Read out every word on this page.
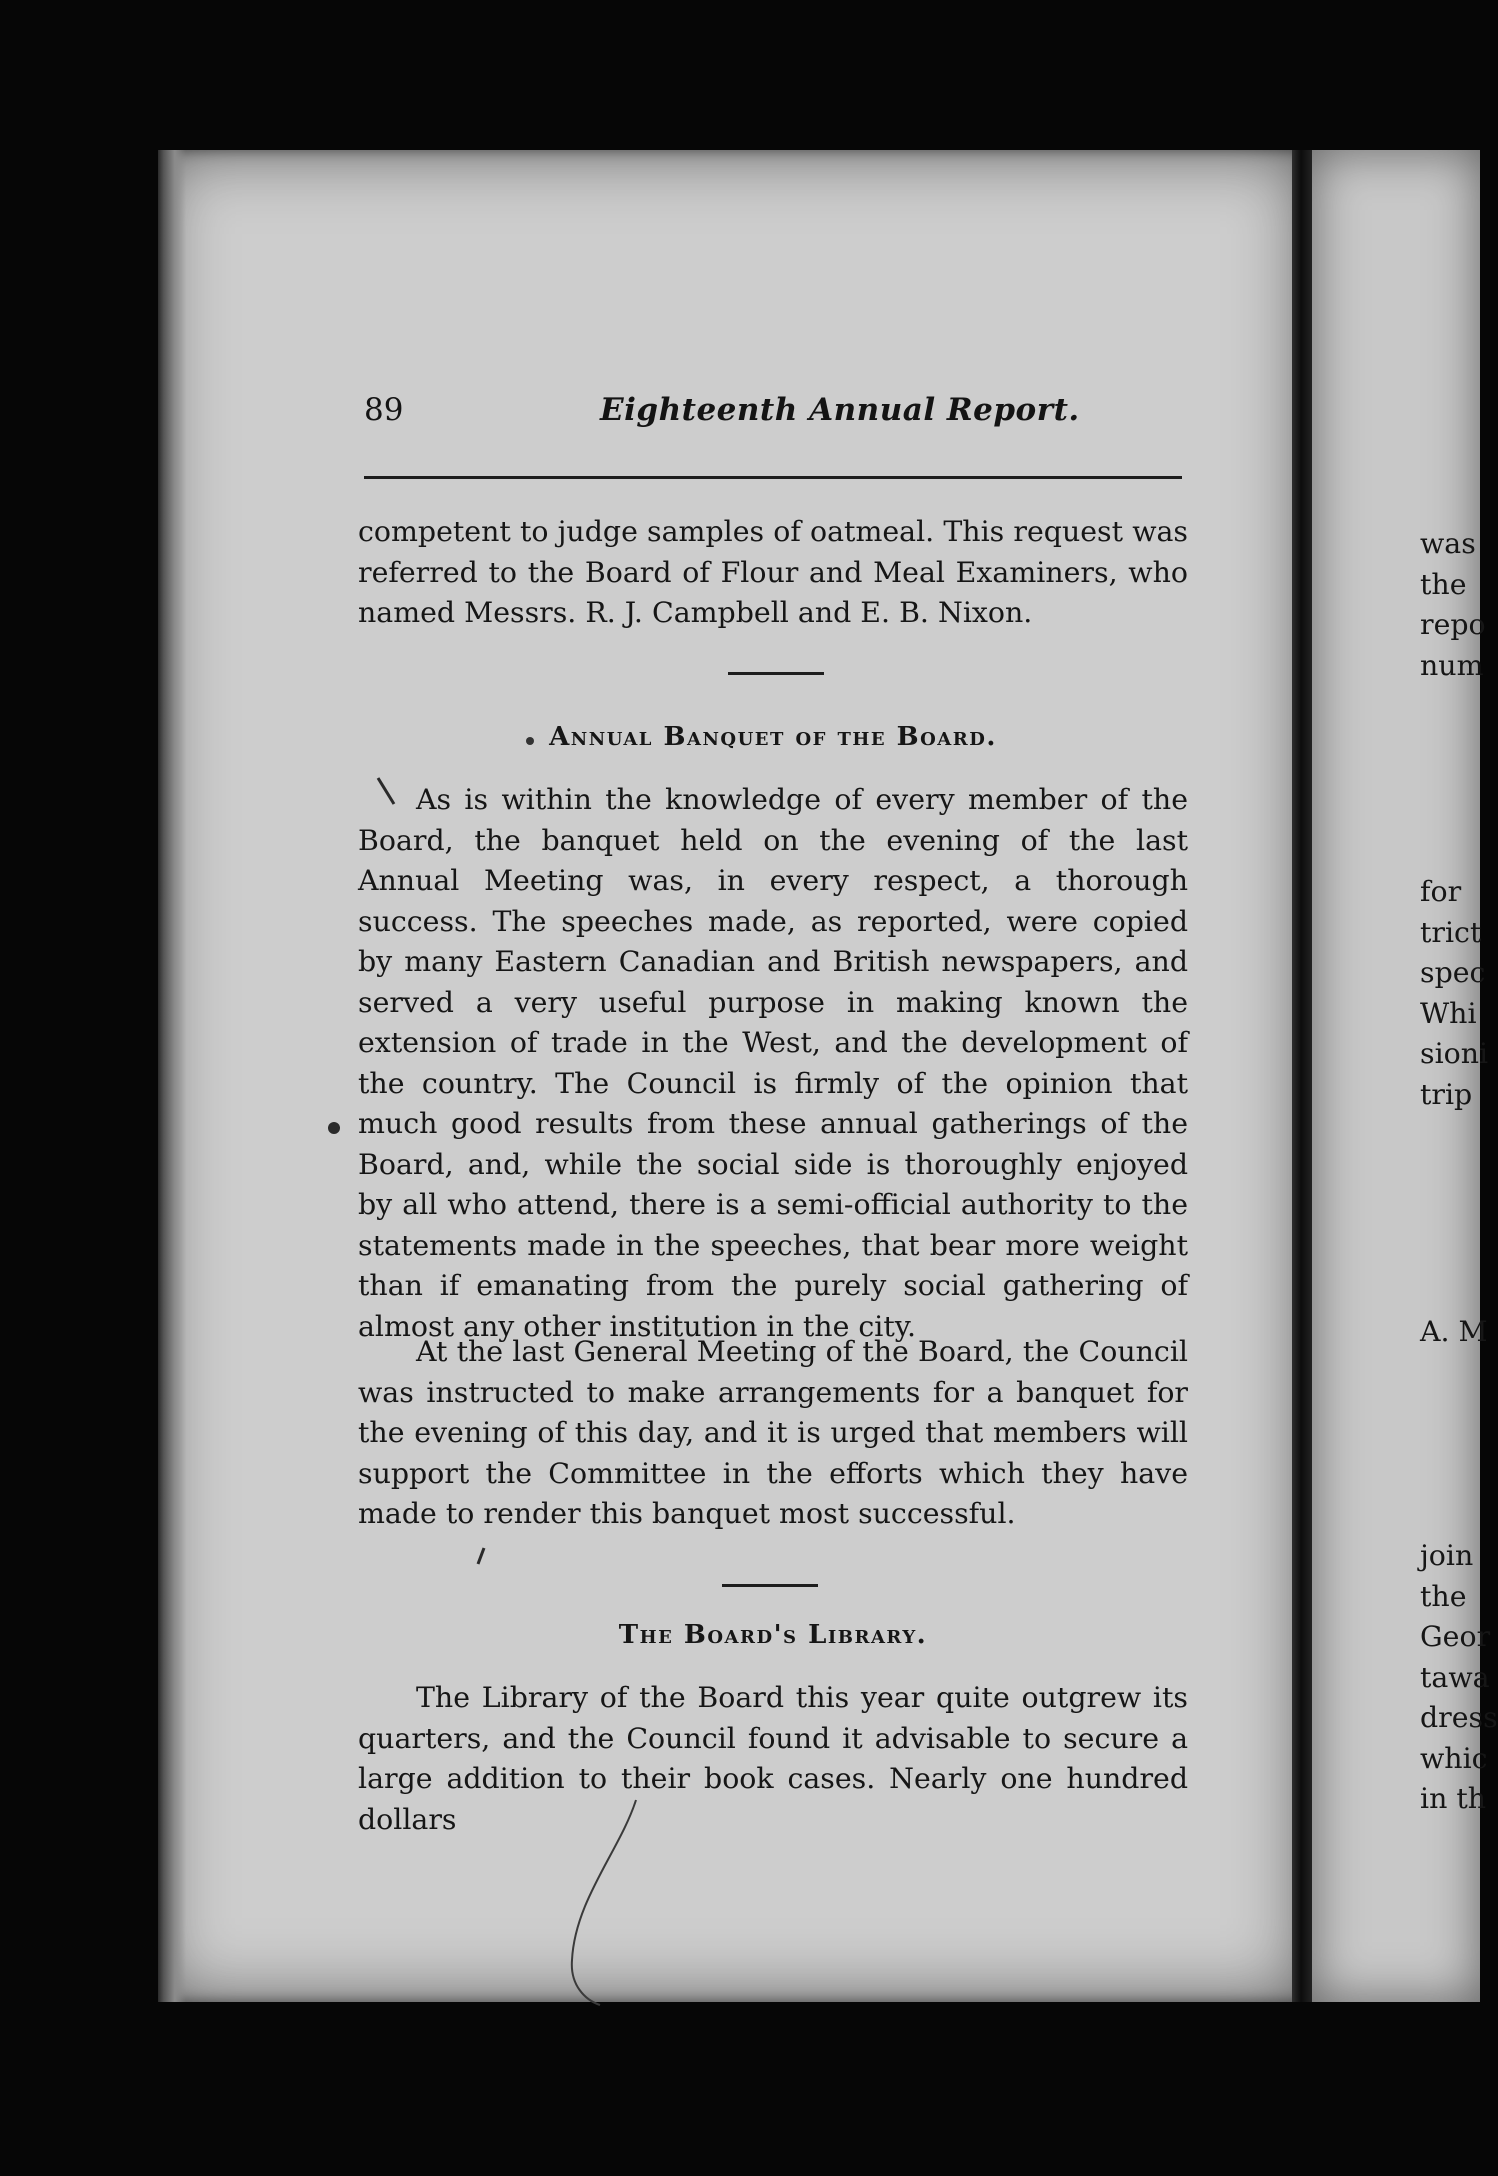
89	Eighteenth Annual Report.

competent to judge samples of oatmeal. This request was referred to the Board of Flour and Meal Examiners, who named Messrs. R. J. Campbell and E. B. Nixon.

Annual Banquet of the Board.

As is within the knowledge of every member of the Board, the banquet held on the evening of the last Annual Meeting was, in every respect, a thorough success. The speeches made, as reported, were copied by many Eastern Canadian and British newspapers, and served a very useful purpose in making known the extension of trade in the West, and the development of the country. The Council is firmly of the opinion that much good results from these annual gatherings of the Board, and, while the social side is thoroughly enjoyed by all who attend, there is a semi-official authority to the statements made in the speeches, that bear more weight than if emanating from the purely social gathering of almost any other institution in the city.

At the last General Meeting of the Board, the Council was instructed to make arrangements for a banquet for the evening of this day, and it is urged that members will support the Committee in the efforts which they have made to render this banquet most successful.

The Board's Library.

The Library of the Board this year quite outgrew its quarters, and the Council found it advisable to secure a large addition to their book cases. Nearly one hundred dollars

was
the
repo
num
for
trict
spec
Whi
sioni
trip
A. M
join
the
Geor
tawa
dress
whic
in th
